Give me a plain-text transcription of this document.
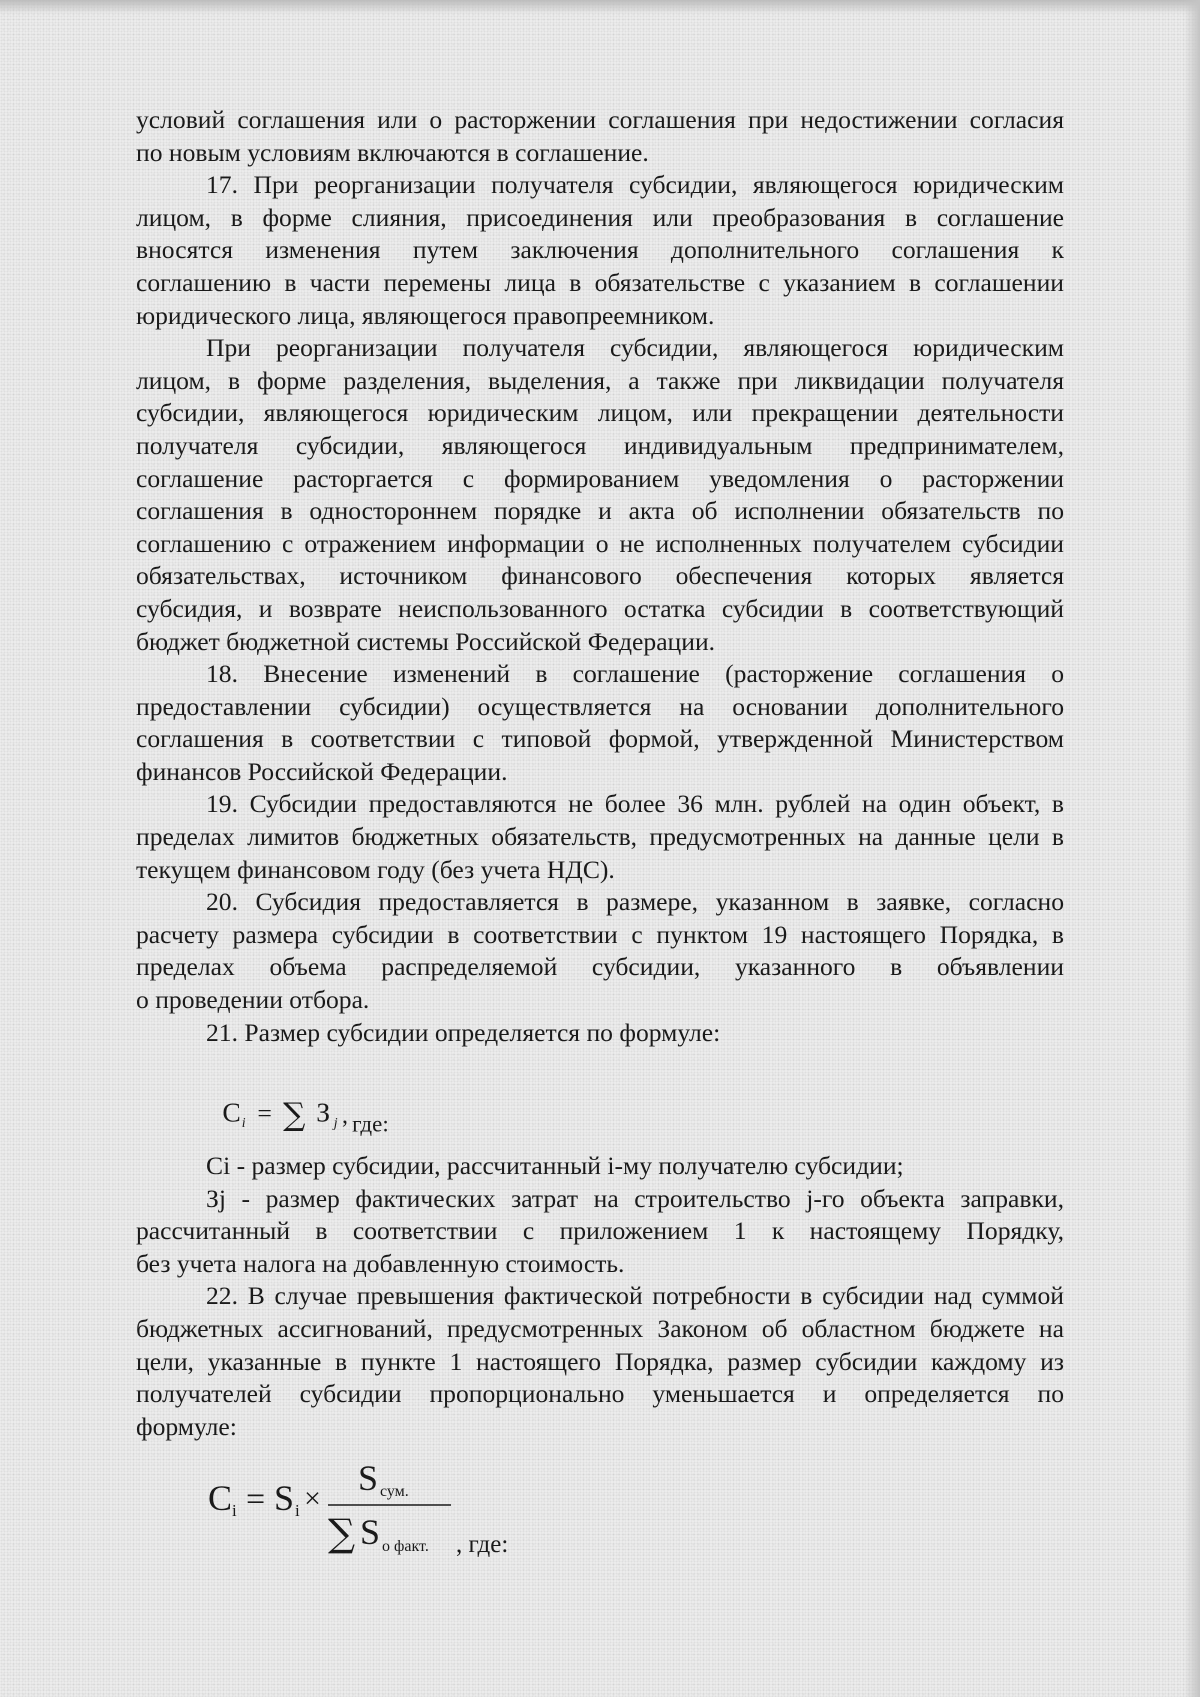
условий соглашения или о расторжении соглашения при недостижении согласия

по новым условиям включаются в соглашение.

17. При реорганизации получателя субсидии, являющегося юридическим

лицом, в форме слияния, присоединения или преобразования в соглашение

вносятся изменения путем заключения дополнительного соглашения к

соглашению в части перемены лица в обязательстве с указанием в соглашении

юридического лица, являющегося правопреемником.

При реорганизации получателя субсидии, являющегося юридическим

лицом, в форме разделения, выделения, а также при ликвидации получателя

субсидии, являющегося юридическим лицом, или прекращении деятельности

получателя субсидии, являющегося индивидуальным предпринимателем,

соглашение расторгается с формированием уведомления о расторжении

соглашения в одностороннем порядке и акта об исполнении обязательств по

соглашению с отражением информации о не исполненных получателем субсидии

обязательствах, источником финансового обеспечения которых является

субсидия, и возврате неиспользованного остатка субсидии в соответствующий

бюджет бюджетной системы Российской Федерации.

18. Внесение изменений в соглашение (расторжение соглашения о

предоставлении субсидии) осуществляется на основании дополнительного

соглашения в соответствии с типовой формой, утвержденной Министерством

финансов Российской Федерации.

19. Субсидии предоставляются не более 36 млн. рублей на один объект, в

пределах лимитов бюджетных обязательств, предусмотренных на данные цели в

текущем финансовом году (без учета НДС).

20. Субсидия предоставляется в размере, указанном в заявке, согласно

расчету размера субсидии в соответствии с пунктом 19 настоящего Порядка, в

пределах объема распределяемой субсидии, указанного в объявлении

о проведении отбора.

21. Размер субсидии определяется по формуле:

C i = ∑ З j , где:

Сi - размер субсидии, рассчитанный i-му получателю субсидии;

Зj - размер фактических затрат на строительство j-го объекта заправки,

рассчитанный в соответствии с приложением 1 к настоящему Порядку,

без учета налога на добавленную стоимость.

22. В случае превышения фактической потребности в субсидии над суммой

бюджетных ассигнований, предусмотренных Законом об областном бюджете на

цели, указанные в пункте 1 настоящего Порядка, размер субсидии каждому из

получателей субсидии пропорционально уменьшается и определяется по

формуле:

C i = S i ×
S сум.
∑ S о факт. , где:
